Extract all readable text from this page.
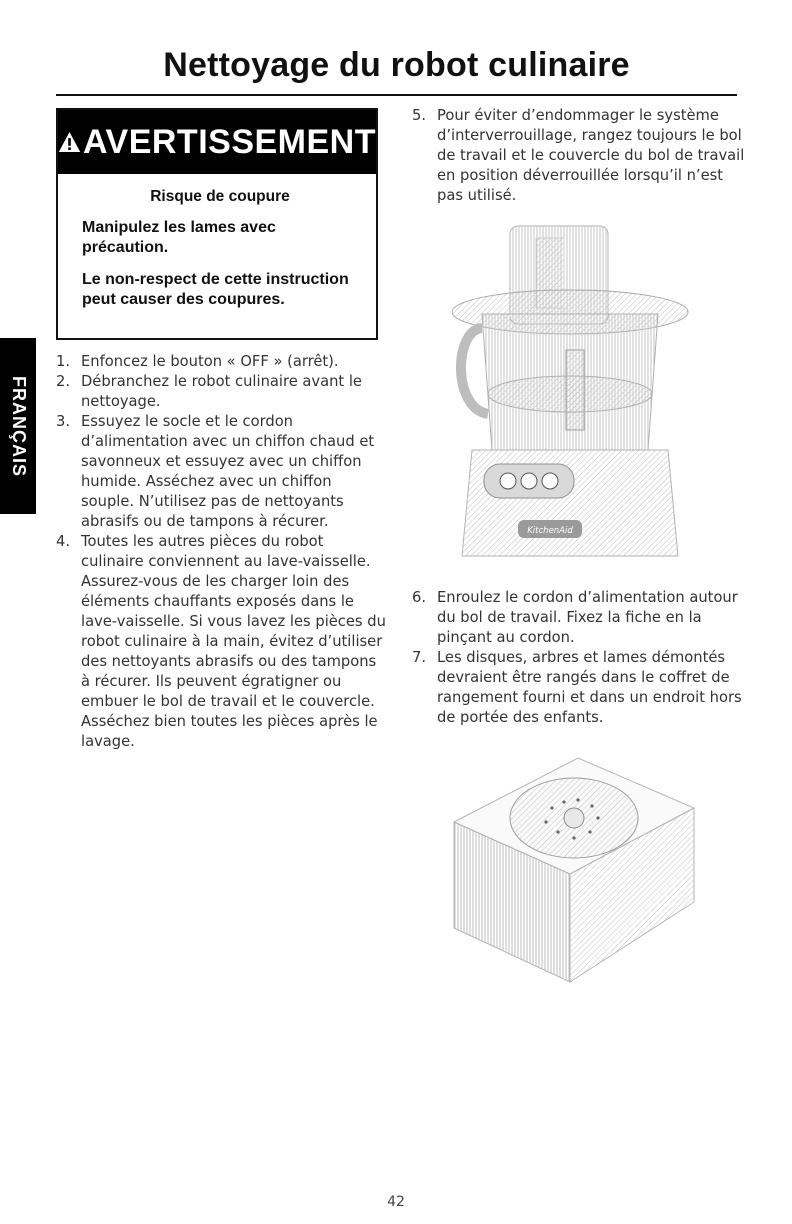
Nettoyage du robot culinaire
AVERTISSEMENT
Risque de coupure

Manipulez les lames avec précaution.

Le non-respect de cette instruction peut causer des coupures.

FRANÇAIS
1. Enfoncez le bouton « OFF » (arrêt).
2. Débranchez le robot culinaire avant le nettoyage.
3. Essuyez le socle et le cordon d’alimentation avec un chiffon chaud et savonneux et essuyez avec un chiffon humide. Asséchez avec un chiffon souple. N’utilisez pas de nettoyants abrasifs ou de tampons à récurer.
4. Toutes les autres pièces du robot culinaire conviennent au lave-vaisselle. Assurez-vous de les charger loin des éléments chauffants exposés dans le lave-vaisselle. Si vous lavez les pièces du robot culinaire à la main, évitez d’utiliser des nettoyants abrasifs ou des tampons à récurer. Ils peuvent égratigner ou embuer le bol de travail et le couvercle. Asséchez bien toutes les pièces après le lavage.
5. Pour éviter d’endommager le système d’interverrouillage, rangez toujours le bol de travail et le couvercle du bol de travail en position déverrouillée lorsqu’il n’est pas utilisé.
KitchenAid
6. Enroulez le cordon d’alimentation autour du bol de travail. Fixez la fiche en la pinçant au cordon.
7. Les disques, arbres et lames démontés devraient être rangés dans le coffret de rangement fourni et dans un endroit hors de portée des enfants.
42
